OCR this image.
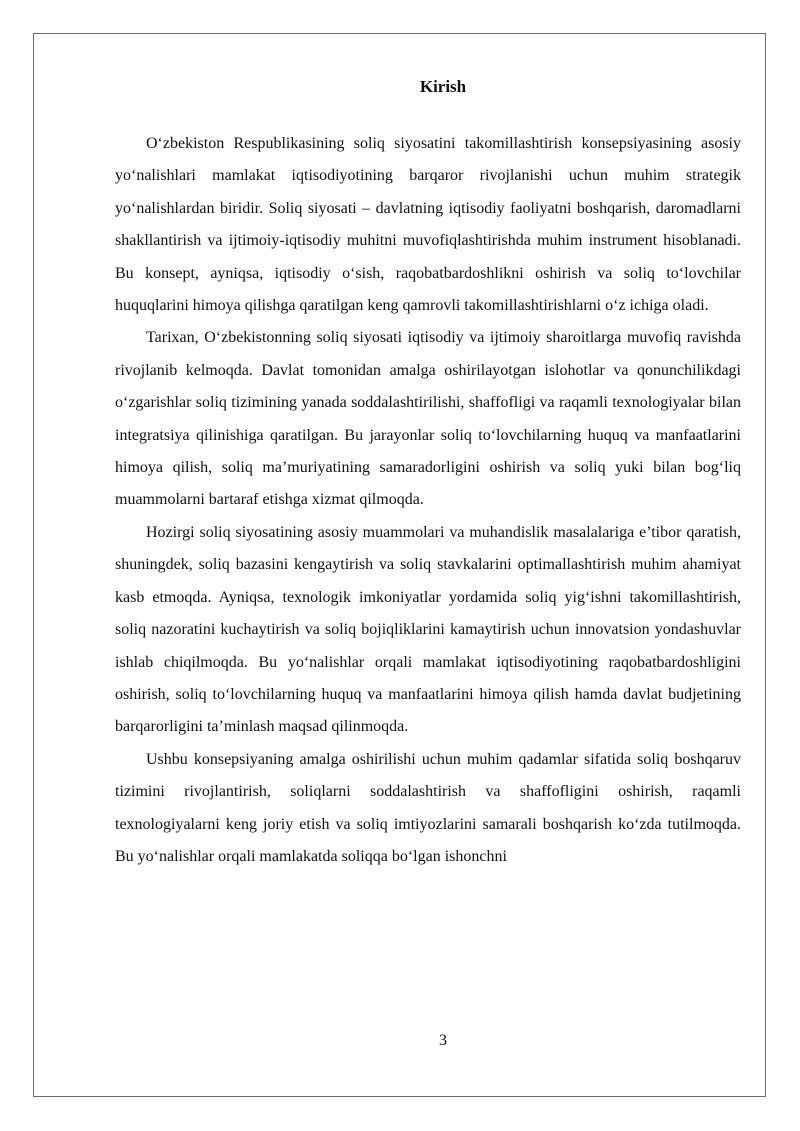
Kirish

O‘zbekiston Respublikasining soliq siyosatini takomillashtirish konsepsiyasining asosiy yo‘nalishlari mamlakat iqtisodiyotining barqaror rivojlanishi uchun muhim strategik yo‘nalishlardan biridir. Soliq siyosati – davlatning iqtisodiy faoliyatni boshqarish, daromadlarni shakllantirish va ijtimoiy-iqtisodiy muhitni muvofiqlashtirishda muhim instrument hisoblanadi. Bu konsept, ayniqsa, iqtisodiy o‘sish, raqobatbardoshlikni oshirish va soliq to‘lovchilar huquqlarini himoya qilishga qaratilgan keng qamrovli takomillashtirishlarni o‘z ichiga oladi.

Tarixan, O‘zbekistonning soliq siyosati iqtisodiy va ijtimoiy sharoitlarga muvofiq ravishda rivojlanib kelmoqda. Davlat tomonidan amalga oshirilayotgan islohotlar va qonunchilikdagi o‘zgarishlar soliq tizimining yanada soddalashtirilishi, shaffofligi va raqamli texnologiyalar bilan integratsiya qilinishiga qaratilgan. Bu jarayonlar soliq to‘lovchilarning huquq va manfaatlarini himoya qilish, soliq ma’muriyatining samaradorligini oshirish va soliq yuki bilan bog‘liq muammolarni bartaraf etishga xizmat qilmoqda.

Hozirgi soliq siyosatining asosiy muammolari va muhandislik masalalariga e’tibor qaratish, shuningdek, soliq bazasini kengaytirish va soliq stavkalarini optimallashtirish muhim ahamiyat kasb etmoqda. Ayniqsa, texnologik imkoniyatlar yordamida soliq yig‘ishni takomillashtirish, soliq nazoratini kuchaytirish va soliq bojiqliklarini kamaytirish uchun innovatsion yondashuvlar ishlab chiqilmoqda. Bu yo‘nalishlar orqali mamlakat iqtisodiyotining raqobatbardoshligini oshirish, soliq to‘lovchilarning huquq va manfaatlarini himoya qilish hamda davlat budjetining barqarorligini ta’minlash maqsad qilinmoqda.

Ushbu konsepsiyaning amalga oshirilishi uchun muhim qadamlar sifatida soliq boshqaruv tizimini rivojlantirish, soliqlarni soddalashtirish va shaffofligini oshirish, raqamli texnologiyalarni keng joriy etish va soliq imtiyozlarini samarali boshqarish ko‘zda tutilmoqda. Bu yo‘nalishlar orqali mamlakatda soliqqa bo‘lgan ishonchni

3
